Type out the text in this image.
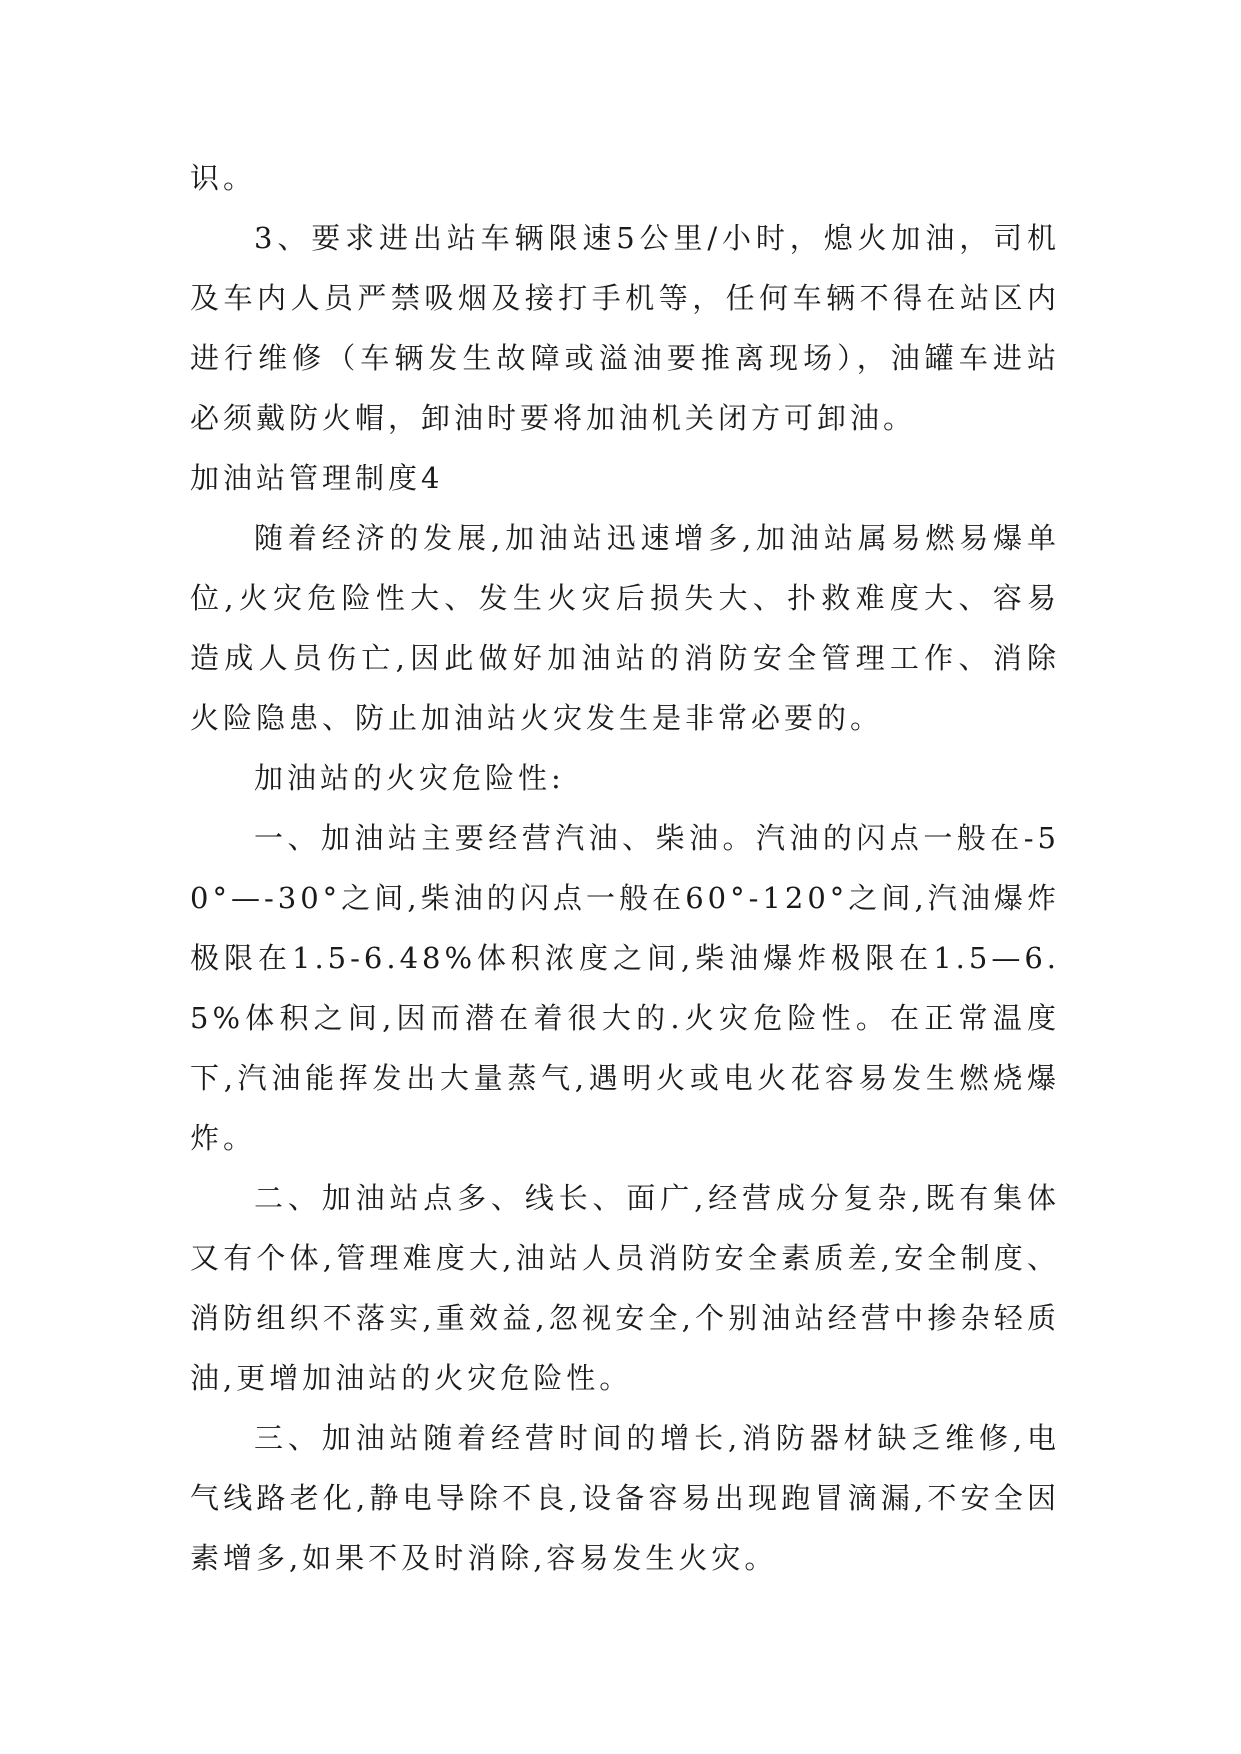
识。

3、要求进出站车辆限速5公里/小时，熄火加油，司机及车内人员严禁吸烟及接打手机等，任何车辆不得在站区内进行维修（车辆发生故障或溢油要推离现场），油罐车进站必须戴防火帽，卸油时要将加油机关闭方可卸油。

加油站管理制度4

随着经济的发展,加油站迅速增多,加油站属易燃易爆单位,火灾危险性大、发生火灾后损失大、扑救难度大、容易造成人员伤亡,因此做好加油站的消防安全管理工作、消除火险隐患、防止加油站火灾发生是非常必要的。

加油站的火灾危险性:

一、加油站主要经营汽油、柴油。汽油的闪点一般在-50°—-30°之间,柴油的闪点一般在60°-120°之间,汽油爆炸极限在1.5-6.48%体积浓度之间,柴油爆炸极限在1.5—6.5%体积之间,因而潜在着很大的.火灾危险性。在正常温度下,汽油能挥发出大量蒸气,遇明火或电火花容易发生燃烧爆炸。

二、加油站点多、线长、面广,经营成分复杂,既有集体又有个体,管理难度大,油站人员消防安全素质差,安全制度、消防组织不落实,重效益,忽视安全,个别油站经营中掺杂轻质油,更增加油站的火灾危险性。

三、加油站随着经营时间的增长,消防器材缺乏维修,电气线路老化,静电导除不良,设备容易出现跑冒滴漏,不安全因素增多,如果不及时消除,容易发生火灾。
